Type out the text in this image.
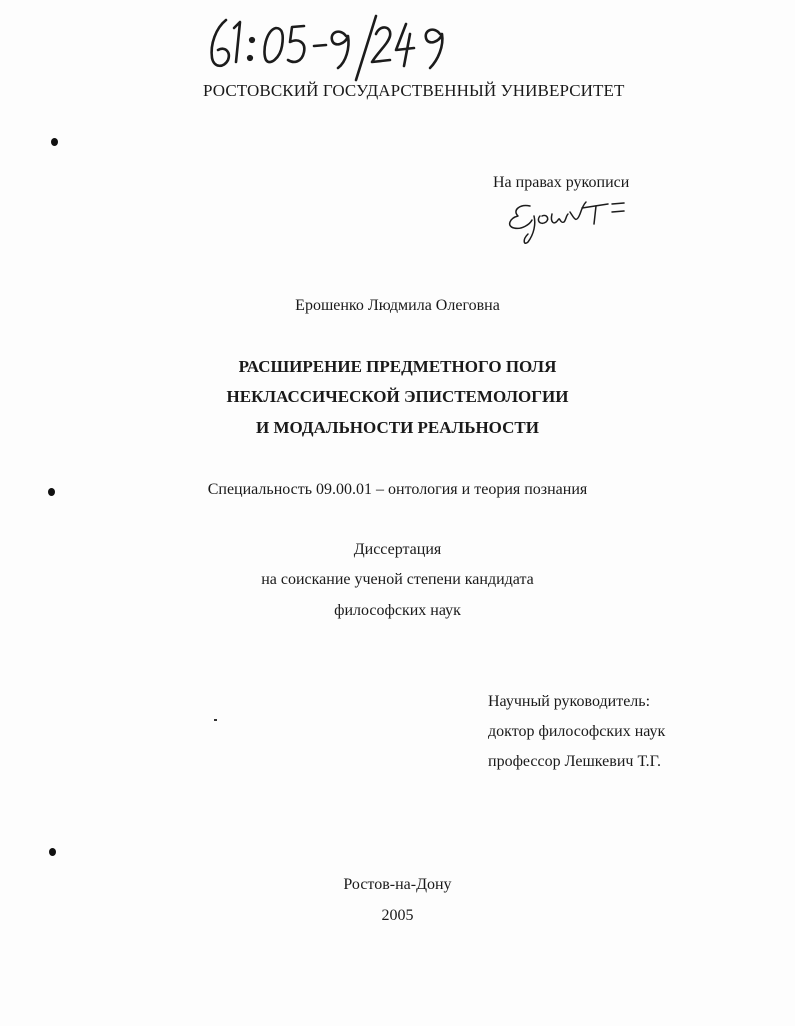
РОСТОВСКИЙ ГОСУДАРСТВЕННЫЙ УНИВЕРСИТЕТ
На правах рукописи
Ерошенко Людмила Олеговна
РАСШИРЕНИЕ ПРЕДМЕТНОГО ПОЛЯ
НЕКЛАССИЧЕСКОЙ ЭПИСТЕМОЛОГИИ
И МОДАЛЬНОСТИ РЕАЛЬНОСТИ
Специальность 09.00.01 – онтология и теория познания
Диссертация
на соискание ученой степени кандидата
философских наук
Научный руководитель:
доктор философских наук
профессор Лешкевич Т.Г.
Ростов-на-Дону
2005
